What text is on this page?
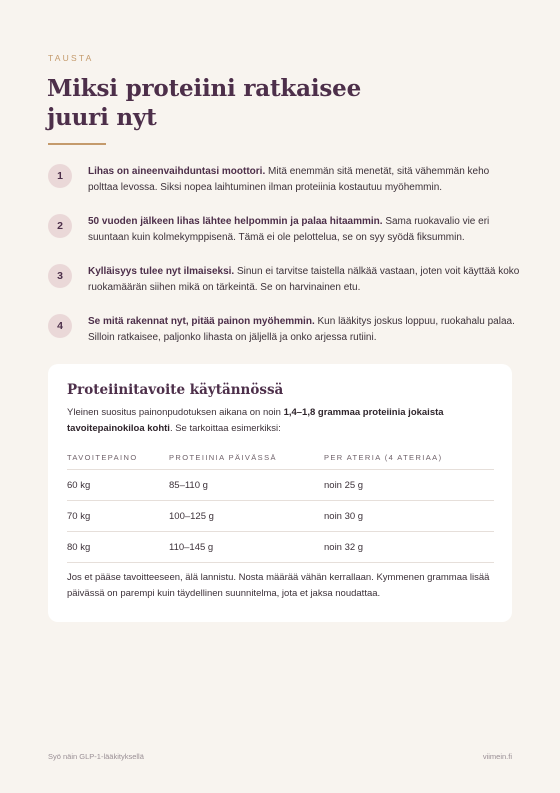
TAUSTA
Miksi proteiini ratkaisee
juuri nyt
1	Lihas on aineenvaihduntasi moottori. Mitä enemmän sitä menetät, sitä vähemmän keho polttaa levossa. Siksi nopea laihtuminen ilman proteiinia kostautuu myöhemmin.

2	50 vuoden jälkeen lihas lähtee helpommin ja palaa hitaammin. Sama ruokavalio vie eri suuntaan kuin kolmekymppisenä. Tämä ei ole pelottelua, se on syy syödä fiksummin.

3	Kylläisyys tulee nyt ilmaiseksi. Sinun ei tarvitse taistella nälkää vastaan, joten voit käyttää koko ruokamäärän siihen mikä on tärkeintä. Se on harvinainen etu.

4	Se mitä rakennat nyt, pitää painon myöhemmin. Kun lääkitys joskus loppuu, ruokahalu palaa. Silloin ratkaisee, paljonko lihasta on jäljellä ja onko arjessa rutiini.

Proteiinitavoite käytännössä

Yleinen suositus painonpudotuksen aikana on noin 1,4–1,8 grammaa proteiinia jokaista tavoitepainokiloa kohti. Se tarkoittaa esimerkiksi:

TAVOITEPAINO	PROTEIINIA PÄIVÄSSÄ	PER ATERIA (4 ATERIAA)
60 kg	85–110 g	noin 25 g
70 kg	100–125 g	noin 30 g
80 kg	110–145 g	noin 32 g

Jos et pääse tavoitteeseen, älä lannistu. Nosta määrää vähän kerrallaan. Kymmenen grammaa lisää päivässä on parempi kuin täydellinen suunnitelma, jota et jaksa noudattaa.

Syö näin GLP-1-lääkityksellä	viimein.fi
